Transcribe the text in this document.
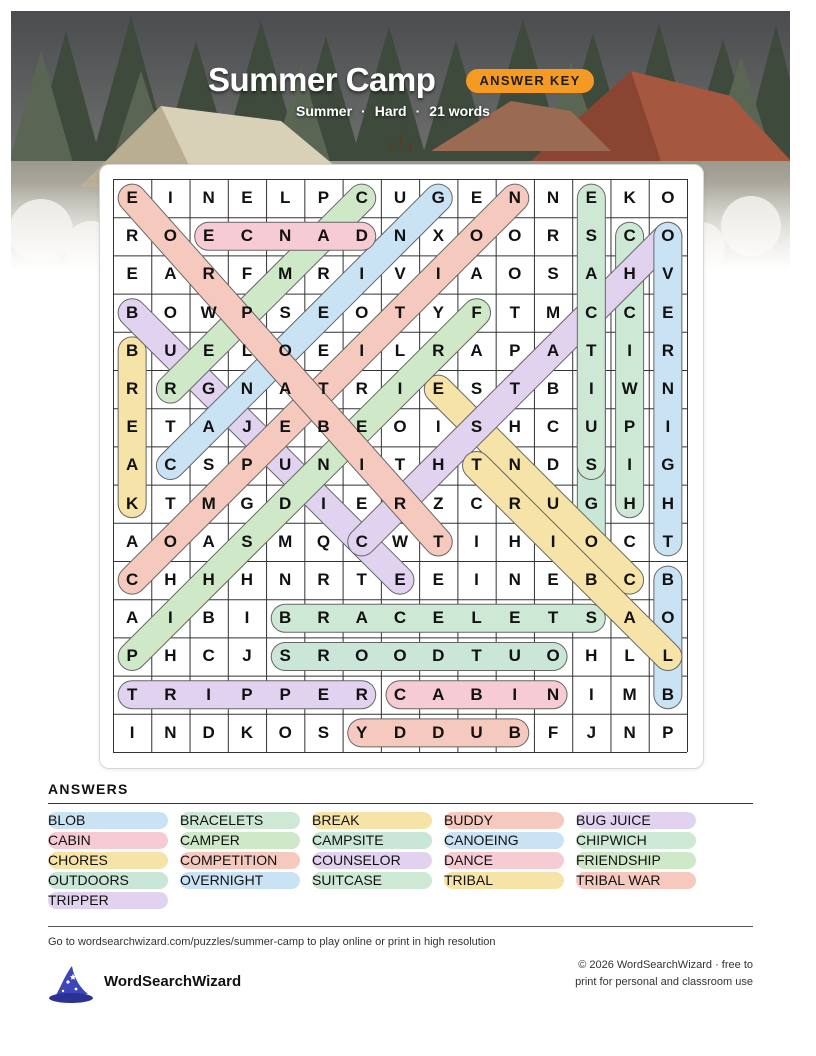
Summer Camp	ANSWER KEY
Summer · Hard · 21 words
E	I	N	E	L	P	C	U	G	E	N	N	E	K	O
R	O	E	C	N	A	D	N	X	O	O	R	S	C	O
E	A	R	F	M	R	I	V	I	A	O	S	A	H	V
B	O	W	P	S	E	O	T	Y	F	T	M	C	C	E
B	U	E	L	O	E	I	L	R	A	P	A	T	I	R
R	R	G	N	A	T	R	I	E	S	T	B	I	W	N
E	T	A	J	E	B	E	O	I	S	H	C	U	P	I
A	C	S	P	U	N	I	T	H	T	N	D	S	I	G
K	T	M	G	D	I	E	R	Z	C	R	U	G	H	H
A	O	A	S	M	Q	C	W	T	I	H	I	O	C	T
C	H	H	H	N	R	T	E	E	I	N	E	B	C	B
A	I	B	I	B	R	A	C	E	L	E	T	S	A	O
P	H	C	J	S	R	O	O	D	T	U	O	H	L	L
T	R	I	P	P	E	R	C	A	B	I	N	I	M	B
I	N	D	K	O	S	Y	D	D	U	B	F	J	N	P
ANSWERS
BLOB	BRACELETS	BREAK	BUDDY	BUG JUICE
CABIN	CAMPER	CAMPSITE	CANOEING	CHIPWICH
CHORES	COMPETITION	COUNSELOR	DANCE	FRIENDSHIP
OUTDOORS	OVERNIGHT	SUITCASE	TRIBAL	TRIBAL WAR
TRIPPER
Go to wordsearchwizard.com/puzzles/summer-camp to play online or print in high resolution
WordSearchWizard
© 2026 WordSearchWizard · free to print for personal and classroom use
